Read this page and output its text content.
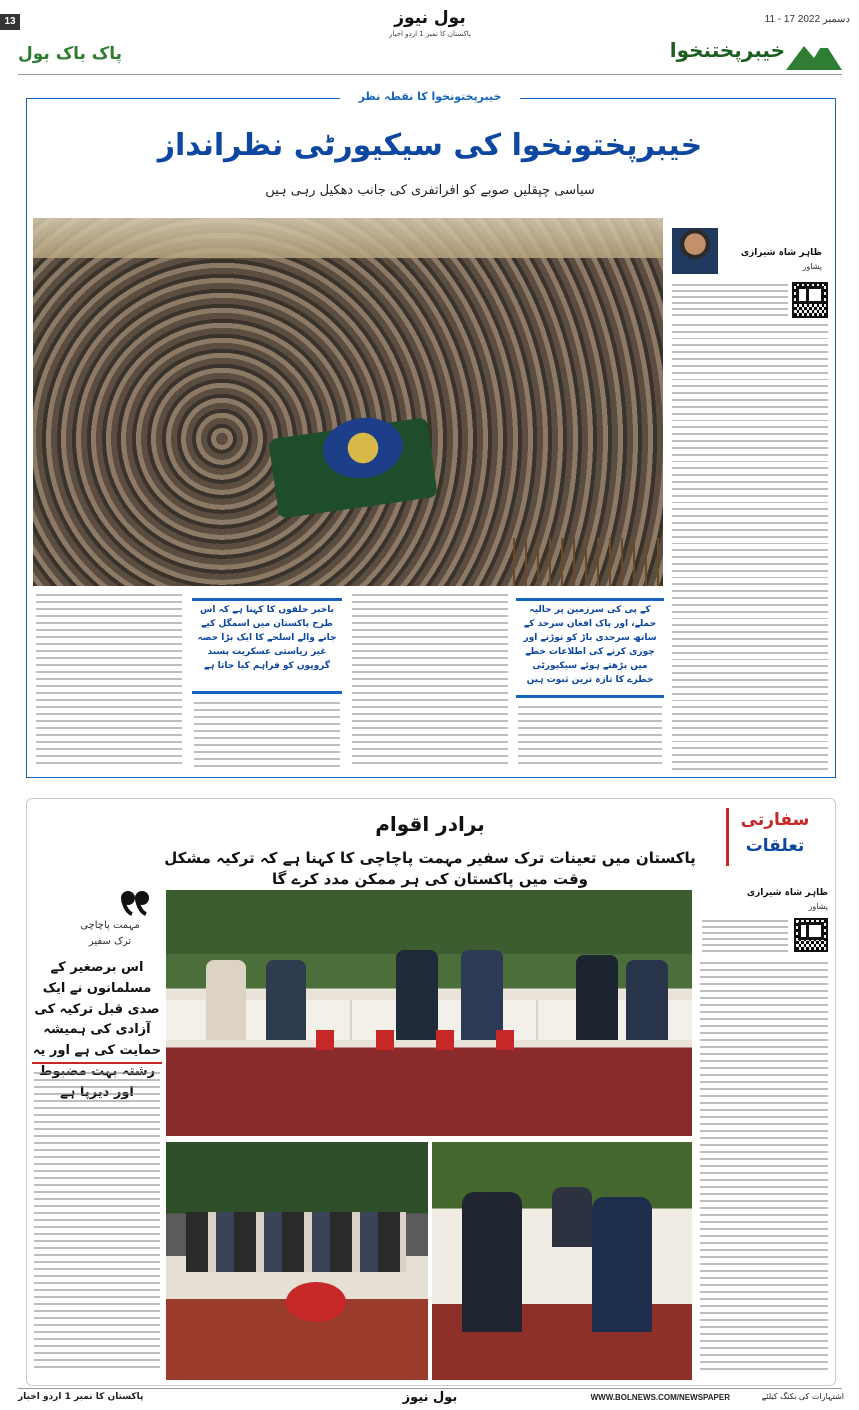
13	بول نیوز
پاکستان کا نمبر 1 اردو اخبار
11 - 17 دسمبر 2022
پاک باک بول	خیبرپختنخوا
خیبرپختونخوا کا نقطہ نظر
خیبرپختونخوا کی سیکیورٹی نظرانداز
سیاسی چپقلیں صوبے کو افراتفری کی جانب دھکیل رہی ہیں
ظاہر شاہ شیرازی
پشاور
باخبر حلقوں کا کہنا ہے کہ اس طرح پاکستان میں اسمگل کیے جانے والے اسلحے کا ایک بڑا حصہ غیر ریاستی عسکریت پسند گروپوں کو فراہم کیا جاتا ہے
کے پی کی سرزمین پر حالیہ حملے، اور پاک افغان سرحد کے ساتھ سرحدی باڑ کو توڑنے اور چوری کرنے کی اطلاعات خطے میں بڑھتے ہوئے سیکیورٹی خطرے کا تازہ ترین ثبوت ہیں
برادر اقوام
پاکستان میں تعینات ترک سفیر مہمت پاچاچی کا کہنا ہے کہ ترکیہ مشکل وقت میں پاکستان کی ہر ممکن مدد کرے گا
سفارتی
تعلقات
مہمت پاچاچی
ترک سفیر
اس برصغیر کے مسلمانوں نے ایک صدی قبل ترکیہ کی آزادی کی ہمیشہ حمایت کی ہے اور یہ
ظاہر شاہ شیرازی
پشاور
پاکستان کا نمبر 1 اردو اخبار	بول نیوز	WWW.BOLNEWS.COM/NEWSPAPER	اشتہارات کی بکنگ کیلئے
